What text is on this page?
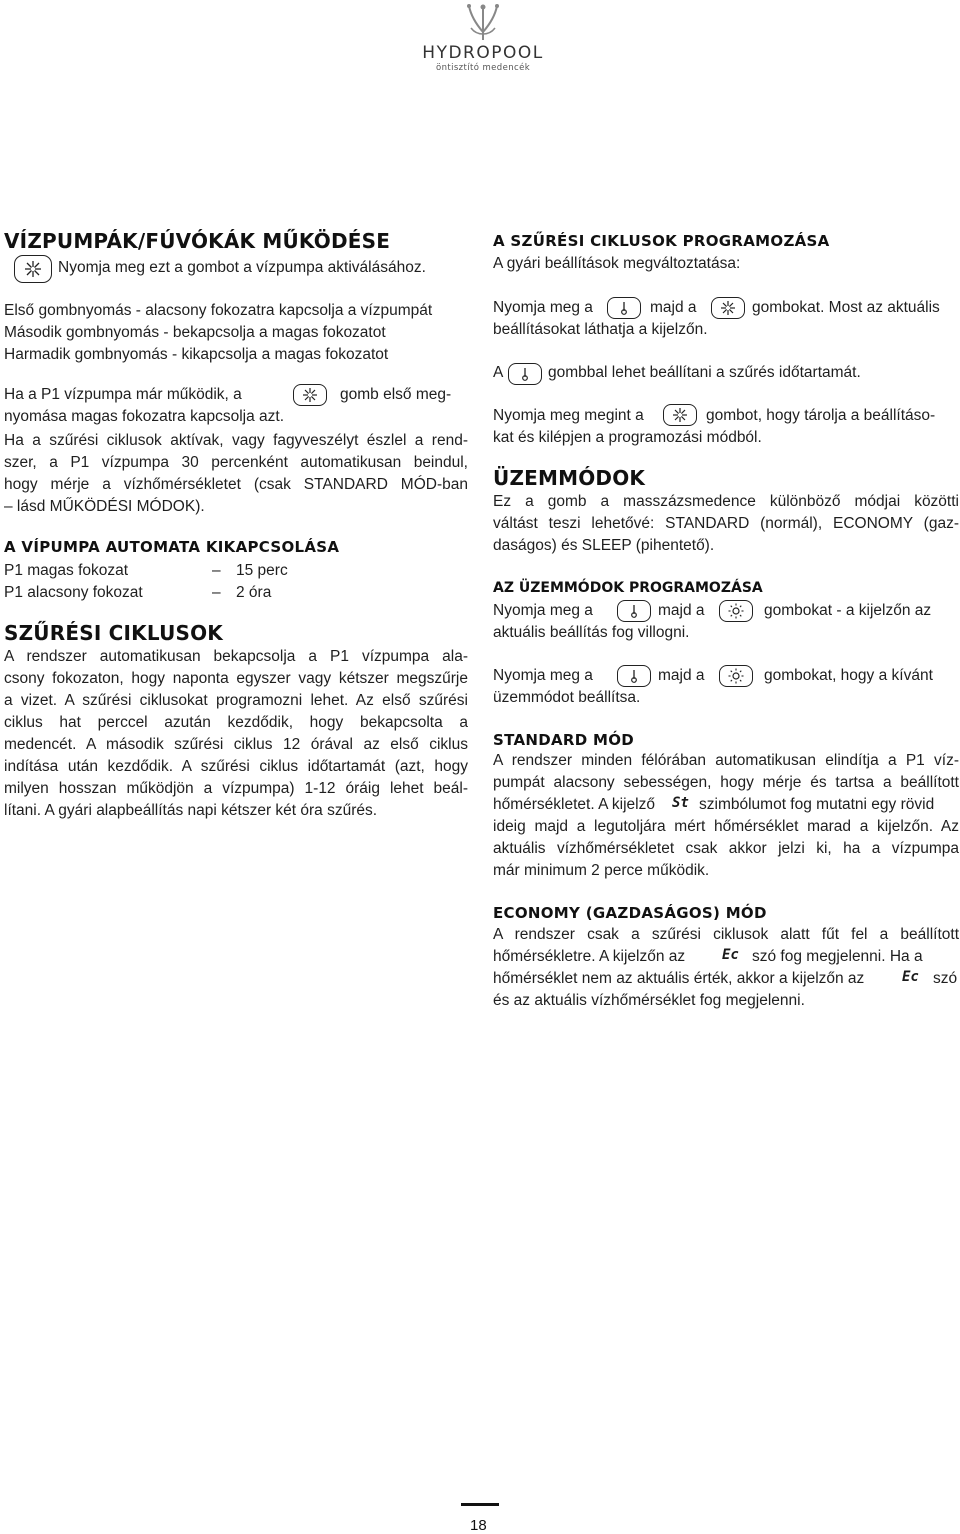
HYDROPOOL
öntisztító medencék
VÍZPUMPÁK/FÚVÓKÁK MŰKÖDÉSE
Nyomja meg ezt a gombot a vízpumpa aktiválásához.
Első gombnyomás - alacsony fokozatra kapcsolja a vízpumpát
Második gombnyomás - bekapcsolja a magas fokozatot
Harmadik gombnyomás - kikapcsolja a magas fokozatot
Ha a P1 vízpumpa már működik, a	gomb első meg-
nyomása magas fokozatra kapcsolja azt.
Ha a szűrési ciklusok aktívak, vagy fagyveszélyt észlel a rend-
szer, a P1 vízpumpa 30 percenként automatikusan beindul,
hogy mérje a vízhőmérsékletet (csak STANDARD MÓD-ban
– lásd MŰKÖDÉSI MÓDOK).
A VÍPUMPA AUTOMATA KIKAPCSOLÁSA
P1 magas fokozat	– 15 perc
P1 alacsony fokozat	– 2 óra
SZŰRÉSI CIKLUSOK
A rendszer automatikusan bekapcsolja a P1 vízpumpa ala-
csony fokozaton, hogy naponta egyszer vagy kétszer megszűrje
a vizet. A szűrési ciklusokat programozni lehet. Az első szűrési
ciklus hat perccel azután kezdődik, hogy bekapcsolta a
medencét. A második szűrési ciklus 12 órával az első ciklus
indítása után kezdődik. A szűrési ciklus időtartamát (azt, hogy
milyen hosszan működjön a vízpumpa) 1-12 óráig lehet beál-
lítani. A gyári alapbeállítás napi kétszer két óra szűrés.
A SZŰRÉSI CIKLUSOK PROGRAMOZÁSA
A gyári beállítások megváltoztatása:
Nyomja meg a	majd a	gombokat. Most az aktuális
beállításokat láthatja a kijelzőn.
A	gombbal lehet beállítani a szűrés időtartamát.
Nyomja meg megint a	gombot, hogy tárolja a beállításo-
kat és kilépjen a programozási módból.
ÜZEMMÓDOK
Ez a gomb a masszázsmedence különböző módjai közötti
váltást teszi lehetővé: STANDARD (normál), ECONOMY (gaz-
daságos) és SLEEP (pihentető).
AZ ÜZEMMÓDOK PROGRAMOZÁSA
Nyomja meg a	majd a	gombokat - a kijelzőn az
aktuális beállítás fog villogni.
Nyomja meg a	majd a	gombokat, hogy a kívánt
üzemmódot beállítsa.
STANDARD MÓD
A rendszer minden félórában automatikusan elindítja a P1 víz-
pumpát alacsony sebességen, hogy mérje és tartsa a beállított
hőmérsékletet. A kijelző St szimbólumot fog mutatni egy rövid
ideig majd a legutoljára mért hőmérséklet marad a kijelzőn. Az
aktuális vízhőmérsékletet csak akkor jelzi ki, ha a vízpumpa
már minimum 2 perce működik.
ECONOMY (GAZDASÁGOS) MÓD
A rendszer csak a szűrési ciklusok alatt fűt fel a beállított
hőmérsékletre. A kijelzőn az	Ec szó fog megjelenni. Ha a
hőmérséklet nem az aktuális érték, akkor a kijelzőn az	Ec szó
és az aktuális vízhőmérséklet fog megjelenni.
18
